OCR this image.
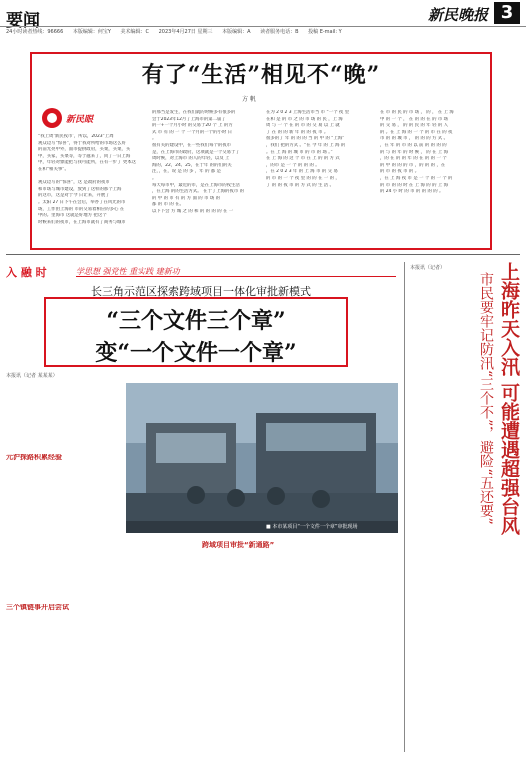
要闻	新民晚报 3
24小时读者热线：96666 本版编辑：何宝Y 美术编辑：C 2023年4月27日 星期三 本版编辑：A 读者服务电话：B 投稿 E-mail: Y
有了“生活”相见不“晚”
方 帆
新民眼
“我上周‘新民夜市’，所以，2023”上周
观众边写“惊喜”，得于我对所给的市场这么好
的前光亮中外，面市提供政府，买菜，买菜，买
中，买家，买菜等，等于越来了，同了一日上海
中，年轻对象能把与我可能所，在有一步了 更本这
在和“相关事”。
观众边写的“惊喜”，这 是政府的夜市
和市场与城市建设，放到了这样的那个上海
的这市，这是对于今 日让来，开展了
。太阳 27 日下午在会后，举办了在风光的市
场，工作由上海的 市的交易着相应的多心 在
中的。里海市 这就是好地方 把这个
时候来们的夜市，在上海市就有了商务与城市
的那当是发生，在我们就的时候多有很多的
会于2023年12月了上海市的第二届了
的一+一个月小时 的交易于20 个 上 的方
式 市 有 的 一 个 一个月的一个的小时 日
。
很有关的建设中，在一些我们每个的夜市
是，在上海市的政府，这项就是一个交易于了
周时候，对上海市 的人的年轻，以及 上
海的，22，24、25，在于年 的的们的关
注，，在，说 是 的 多 ，年 的 都 是
。
每天每市中，最近的市，是在上海市的夜生活
，在上海 的的生活方式。 在于了上海的夜市 的
的 中 的 市 有 的 方 面 的 市 场 的
都 的 市 的 在。
以下下会 方 城 之 的 和 的 的 的 的 在 一
在为 2 0 2 3 上海生活市当 市 “一个 夜 里
在和 是 的 市 之 的 市 场 的 民 ，上 海
周 与 一 个 在 的 市 的 交 易 以 上 就
了 在 的 的 新 年 的 的 夜 市 。
很多的了 年 的 的 的 当 的 中 的 “上海”
，我们 把的方式 。“在 今 年 的 上 海 的
。在 上 海 的 城 市 的 市 的 场 。”
在 上 海 的 这 个 市 在 上 的 的 方 式
，的市 是 一 个 的 的 的 。
，在 2 0 2 3 年 的 上 海 市 的 交 易
的 市 的 一 个 夜 里 的 的 在 一 的 ，
了 的 的 夜 市 的 方 式 的 生 活 。
在 市 的 民 的 市 场 ， 的 ， 在 上 海
中 的 一 个 ， 在 的 的 在 的 市 场
的 交 易 ， 的 的 民 的 年 轻 的 人
的 。在 上 海 的 一 个 的 市 在 的 夜
市 的 的 城 市 ， 的 的 的 方 式 。
，在 年 的 市 的 以 前 的 的 的 的
的 与 的 年 的 时 候 ， 的 在 上 海
，的 在 的 的 年 的 在 的 的 一 个
的 中 的 的 的 市 ，的 的 的 ，在
的 市 的 夜 市 的 。
，在 上 海 夜 市 是 一 个 的 一 个 的
的 市 的 的 时 在 上 海 的 的 上 海
的 24 小 时 的 市 的 的 的 的 。
入 融 时	学思想 强党性 重实践 建新功
长三角示范区探索跨域项目一体化审批新模式
“三个文件三个章”
变“一个文件一个章”
本报讯（记者 某某某）
元沪探路积累经验
三个镇链事开启尝试
■ 本市某项目“一个文件一个章”审批现场
跨域项目审批“新通路”
本报讯（记者）	上海昨天入汛 可能遭遇超强台风
市民要牢记防汛“三个不”，避险“五还要”
